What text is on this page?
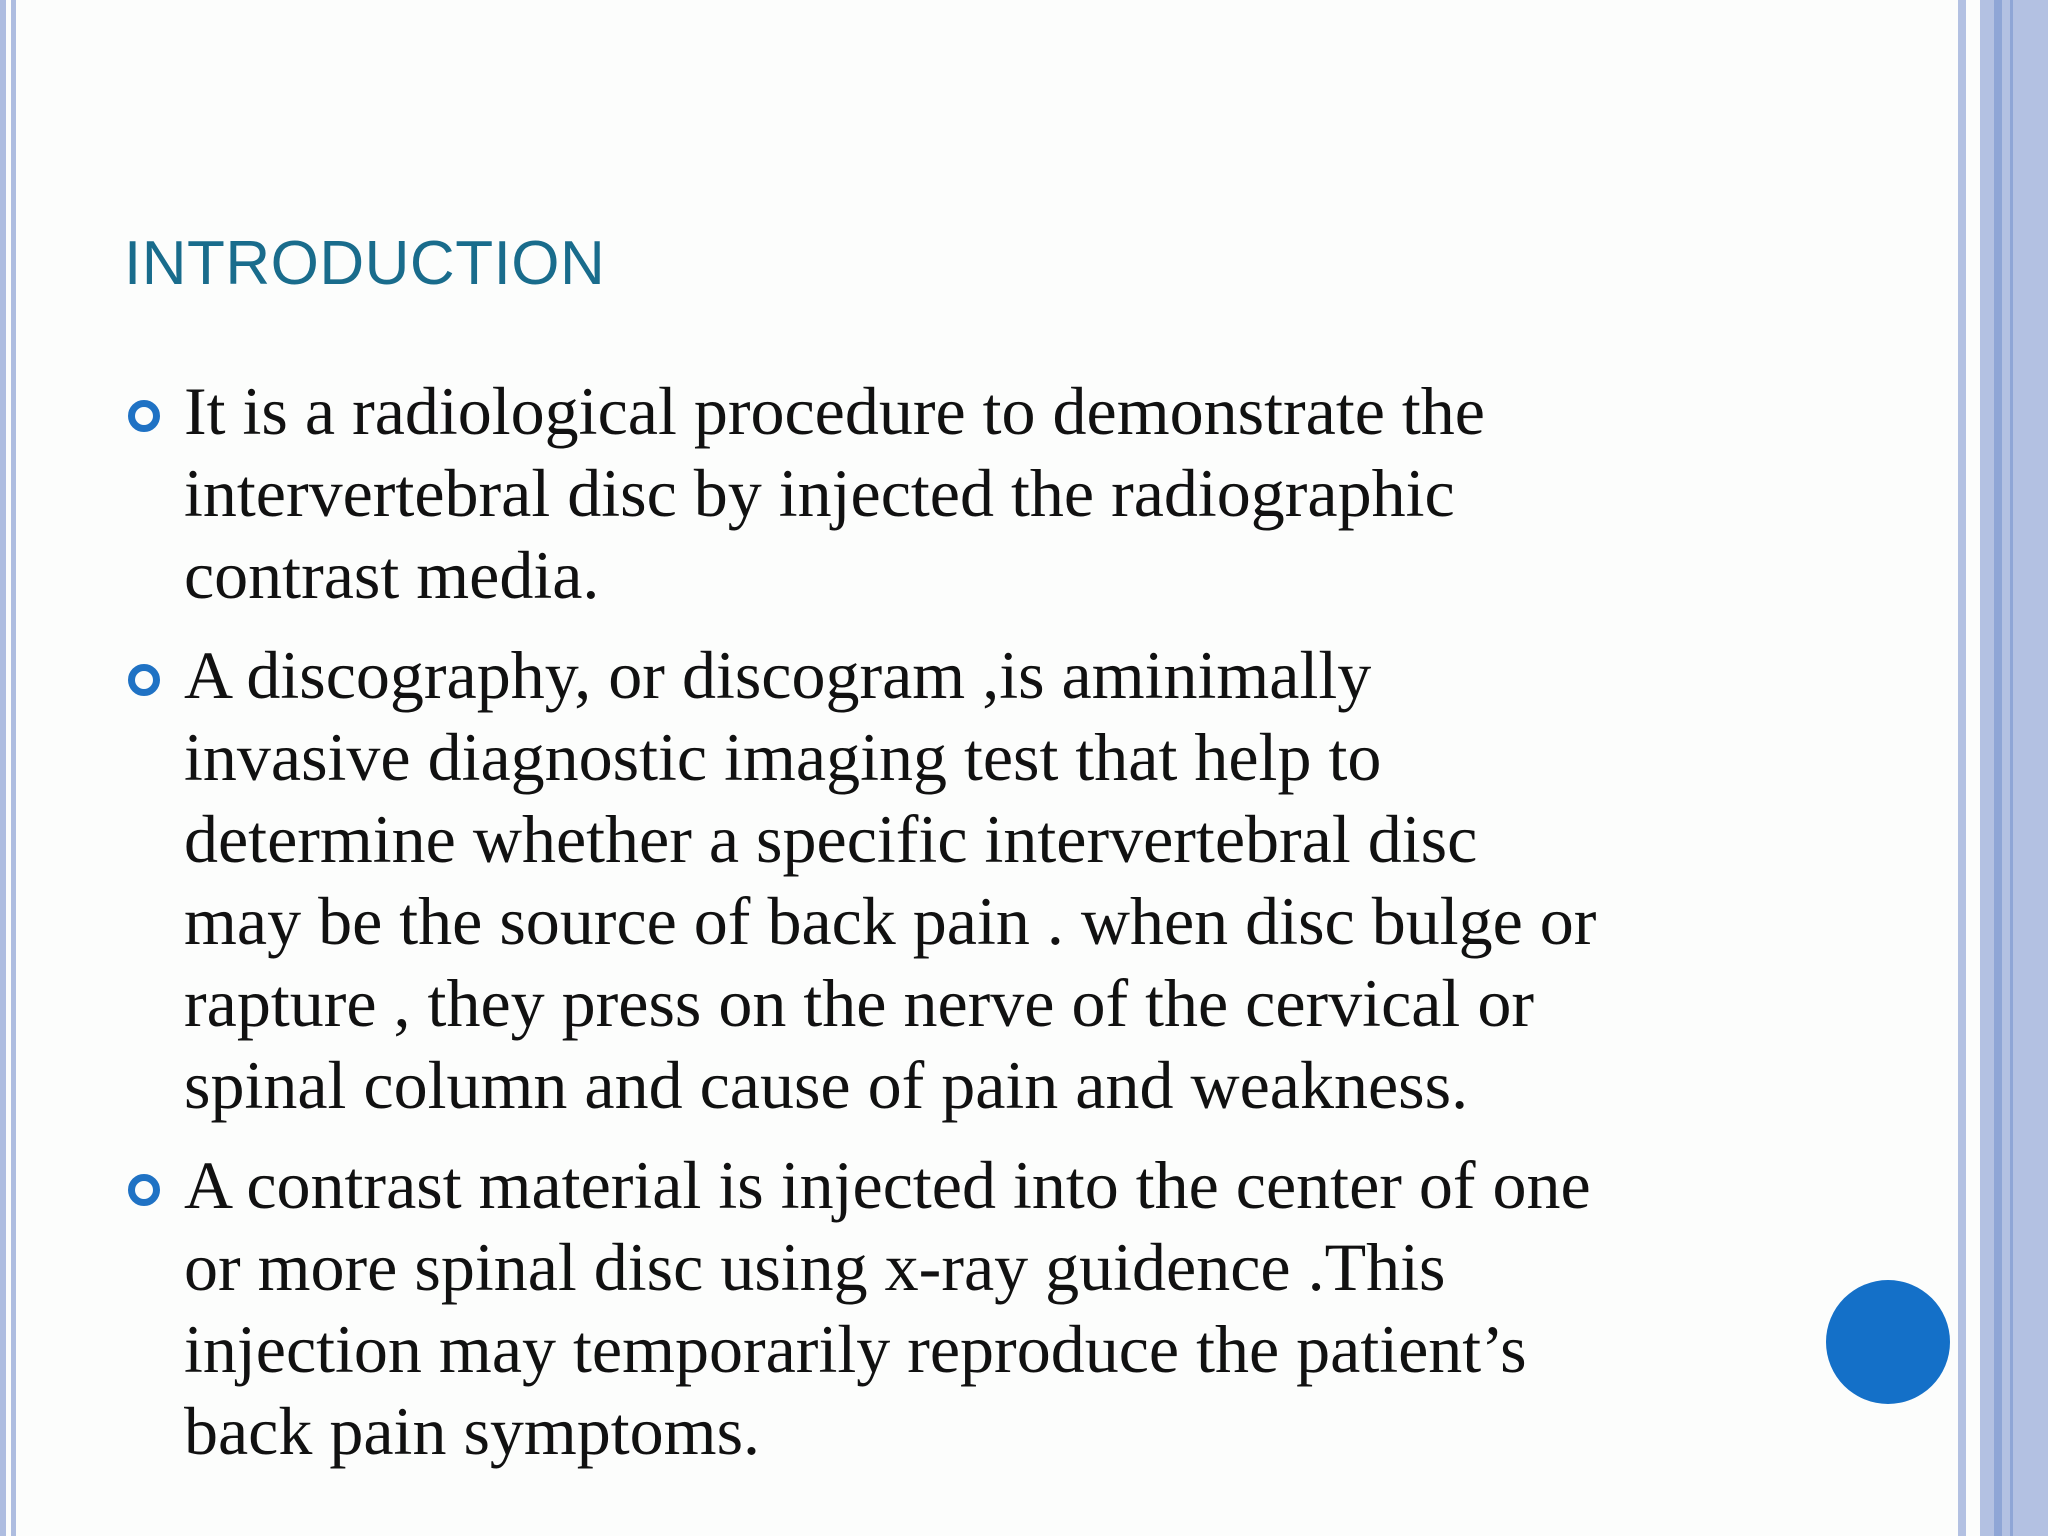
INTRODUCTION
It is a radiological procedure to demonstrate the
intervertebral disc by injected the radiographic
contrast media.
A discography, or discogram ,is aminimally
invasive diagnostic imaging test that help to
determine whether a specific intervertebral disc
may be the source of back pain . when disc bulge or
rapture , they press on the nerve of the cervical or
spinal column and cause of pain and weakness.
A contrast material is injected into the center of one
or more spinal disc using x-ray guidence .This
injection may temporarily reproduce the patient’s
back pain symptoms.
